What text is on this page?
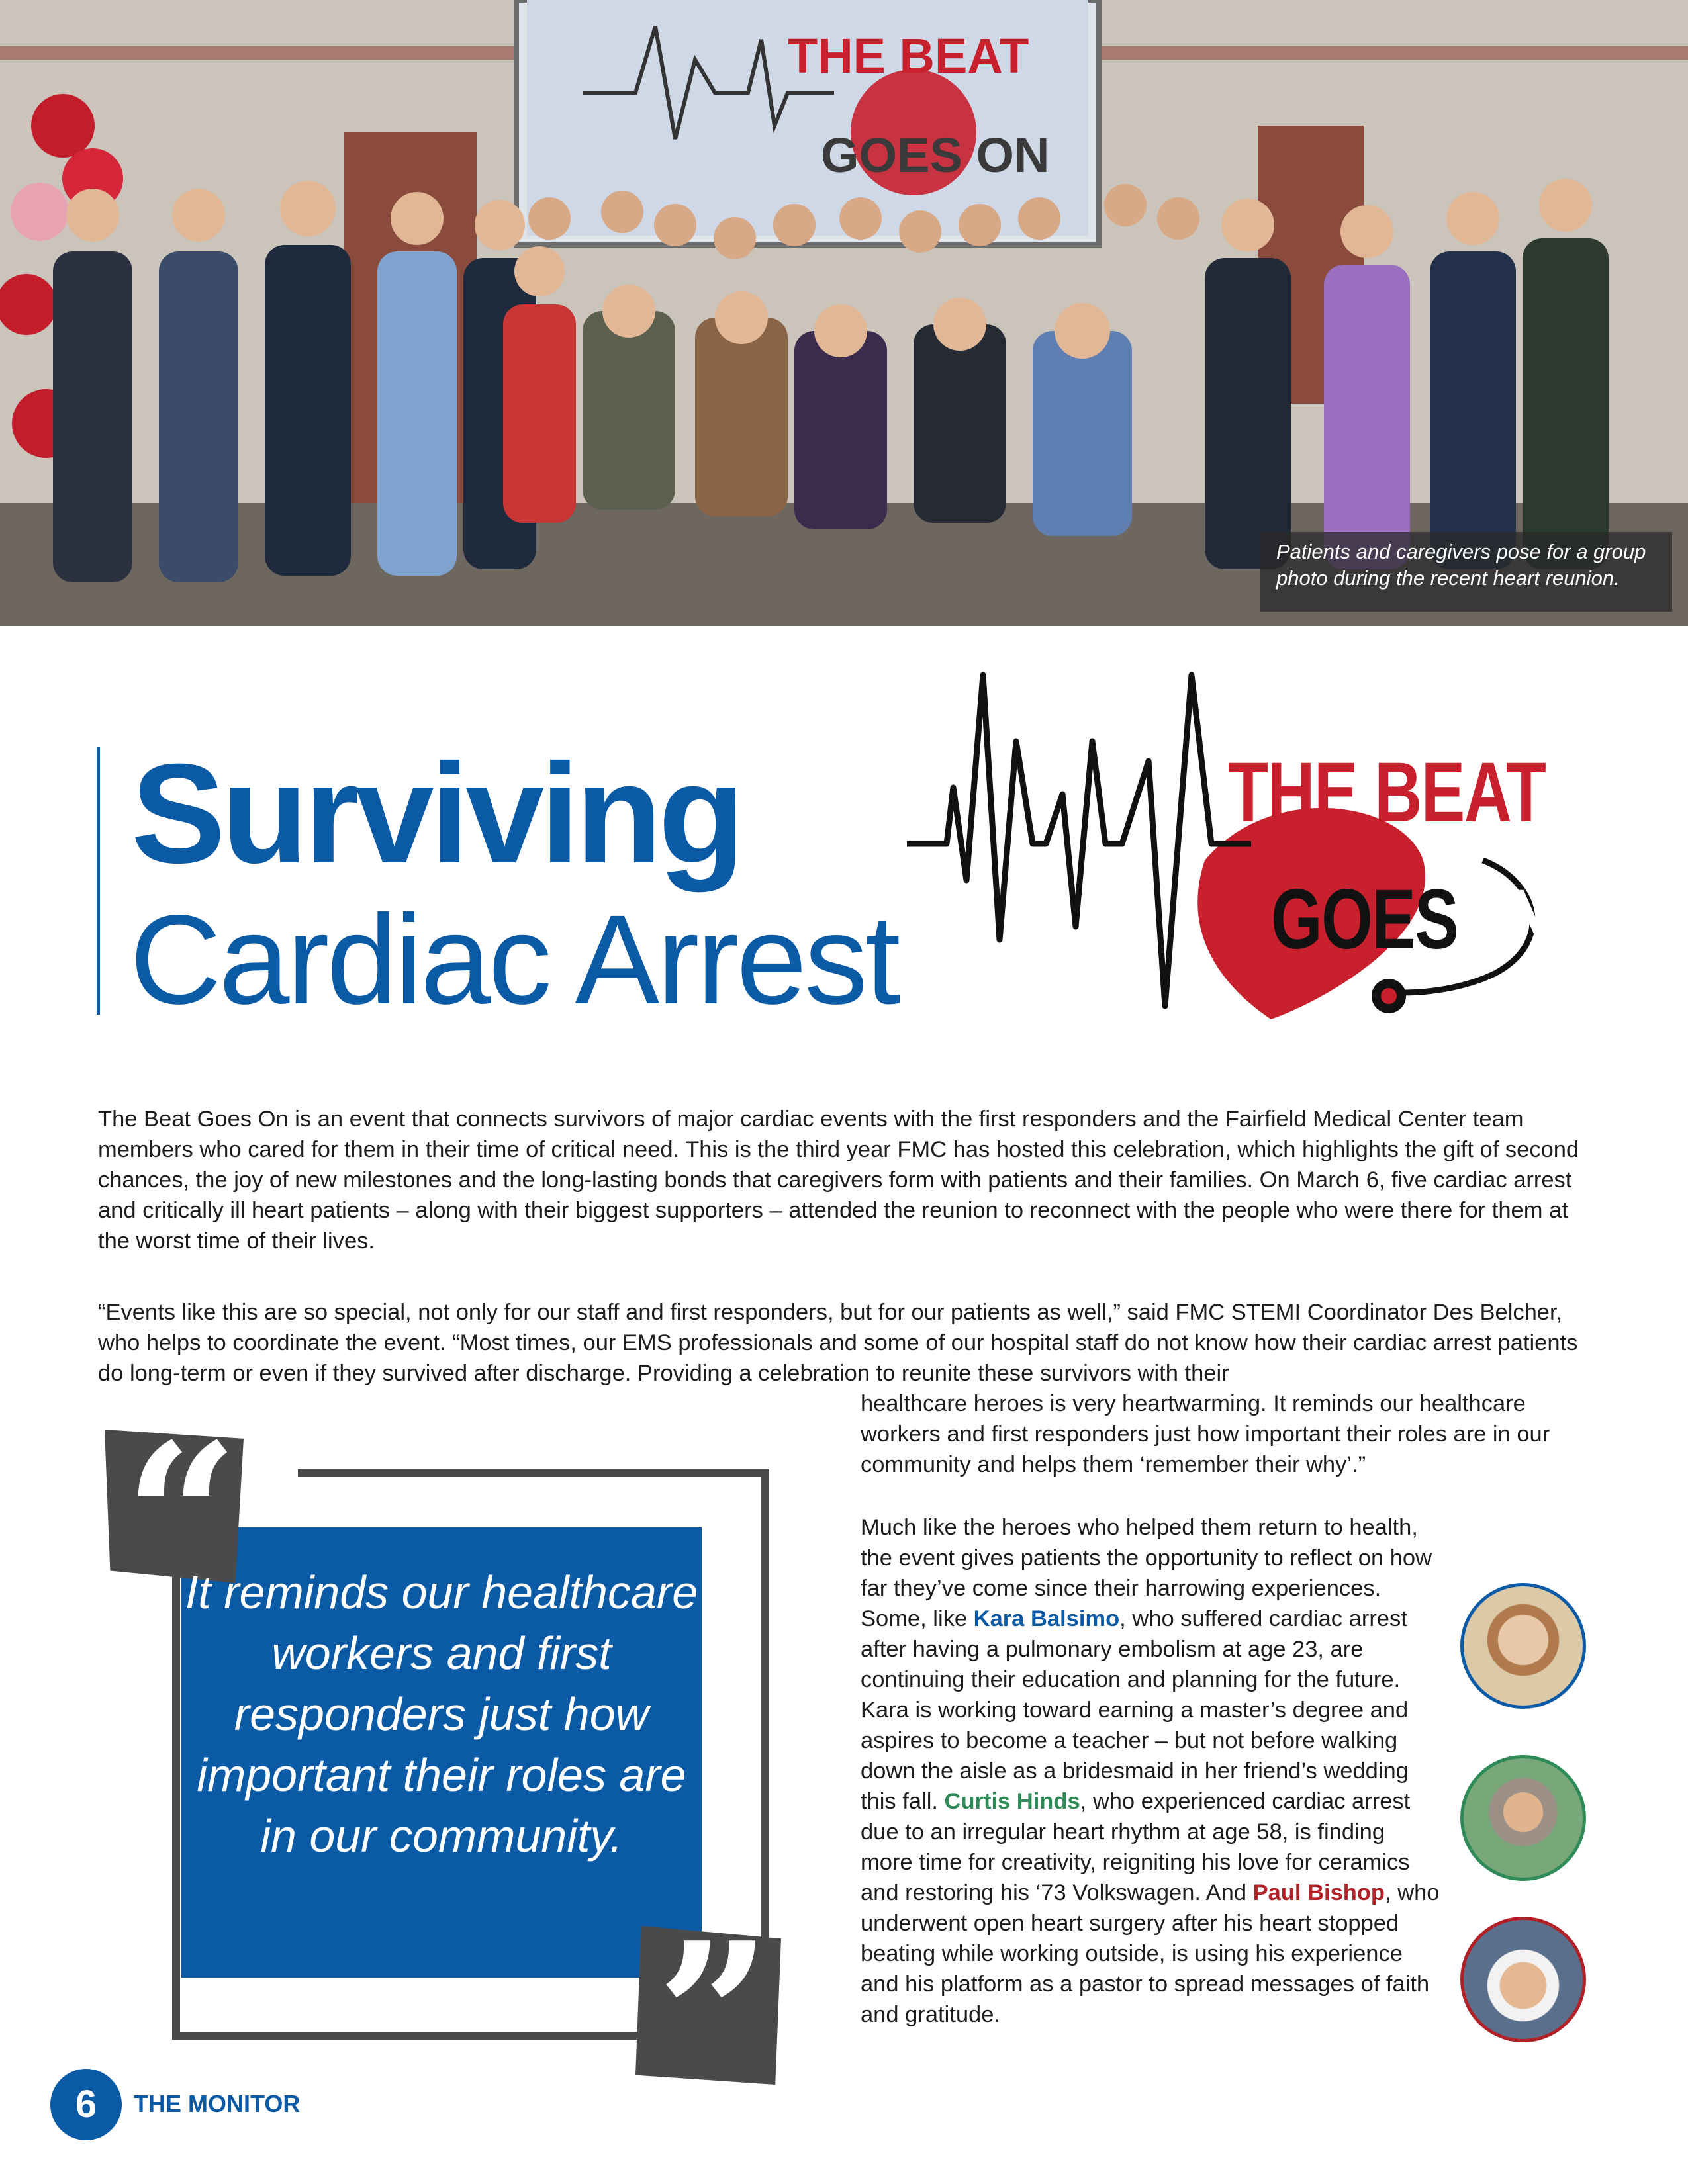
THE BEAT
GOES ON
Patients and caregivers pose for a group
photo during the recent heart reunion.
Surviving
Cardiac Arrest
THE BEAT
GOESON
The Beat Goes On is an event that connects survivors of major cardiac events with the first responders and the Fairfield Medical Center team members who cared for them in their time of critical need. This is the third year FMC has hosted this celebration, which highlights the gift of second chances, the joy of new milestones and the long-lasting bonds that caregivers form with patients and their families. On March 6, five cardiac arrest and critically ill heart patients – along with their biggest supporters – attended the reunion to reconnect with the people who were there for them at the worst time of their lives.
“Events like this are so special, not only for our staff and first responders, but for our patients as well,” said FMC STEMI Coordinator Des Belcher, who helps to coordinate the event. “Most times, our EMS professionals and some of our hospital staff do not know how their cardiac arrest patients do long-term or even if they survived after discharge. Providing a celebration to reunite these survivors with their
healthcare heroes is very heartwarming. It reminds our healthcare workers and first responders just how important their roles are in our community and helps them ‘remember their why’.”
Much like the heroes who helped them return to health, the event gives patients the opportunity to reflect on how far they’ve come since their harrowing experiences. Some, like Kara Balsimo, who suffered cardiac arrest after having a pulmonary embolism at age 23, are continuing their education and planning for the future. Kara is working toward earning a master’s degree and aspires to become a teacher – but not before walking down the aisle as a bridesmaid in her friend’s wedding this fall. Curtis Hinds, who experienced cardiac arrest due to an irregular heart rhythm at age 58, is finding more time for creativity, reigniting his love for ceramics and restoring his ‘73 Volkswagen. And Paul Bishop, who underwent open heart surgery after his heart stopped beating while working outside, is using his experience and his platform as a pastor to spread messages of faith and gratitude.
“
It reminds our healthcare workers and first responders just how important their roles are in our community.
”
6	THE MONITOR
